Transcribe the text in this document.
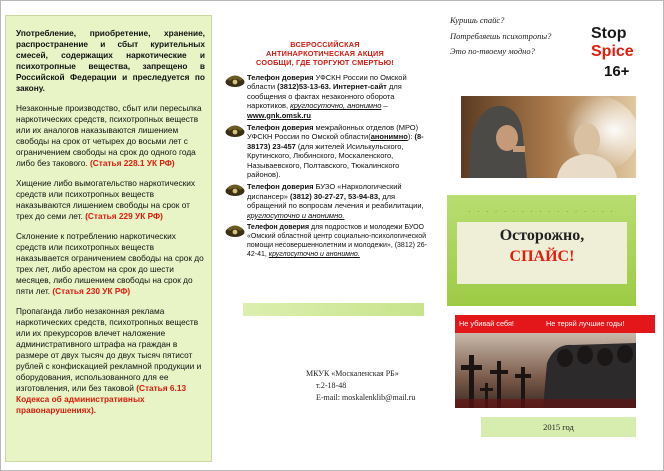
Употребление, приобретение, хранение, распространение и сбыт курительных смесей, содержащих наркотические и психотропные вещества, запрещено в Российской Федерации и преследуется по закону.

Незаконные производство, сбыт или пересылка наркотических средств, психотропных веществ или их аналогов наказываются лишением свободы на срок от четырех до восьми лет с ограничением свободы на срок до одного года либо без такового. (Статья 228.1 УК РФ)

Хищение либо вымогательство наркотических средств или психотропных веществ наказываются лишением свободы на срок от трех до семи лет. (Статья 229 УК РФ)

Склонение к потреблению наркотических средств или психотропных веществ наказывается ограничением свободы на срок до трех лет, либо арестом на срок до шести месяцев, либо лишением свободы на срок до пяти лет. (Статья 230 УК РФ)

Пропаганда либо незаконная реклама наркотических средств, психотропных веществ или их прекурсоров влечет наложение административного штрафа на граждан в размере от двух тысяч до двух тысяч пятисот рублей с конфискацией рекламной продукции и оборудования, использованного для ее изготовления, или без таковой (Статья 6.13 Кодекса об административных правонарушениях).

ВСЕРОССИЙСКАЯ
АНТИНАРКОТИЧЕСКАЯ АКЦИЯ
СООБЩИ, ГДЕ ТОРГУЮТ СМЕРТЬЮ!
Телефон доверия УФСКН России по Омской области (3812)53-13-63. Интернет-сайт для сообщения о фактах незаконного оборота наркотиков, круглосуточно, анонимно – www.gnk.omsk.ru
Телефон доверия межрайонных отделов (МРО) УФСКН России по Омской области(анонимно): (8-38173) 23-457 (для жителей Исилькульского, Крутинского, Любинского, Москаленского, Называевского, Полтавского, Тюкалинского районов).
Телефон доверия БУЗО «Наркологический диспансер» (3812) 30-27-27, 53-94-83, для обращений по вопросам лечения и реабилитации, круглосуточно и анонимно.
Телефон доверия для подростков и молодежи БУОО «Омский областной центр социально-психологической помощи несовершеннолетним и молодежи», (3812) 26-42-41, круглосуточно и анонимно.
МКУК «Москаленская РБ»
т.2-18-48
E-mail: moskalenklib@mail.ru
Куришь спайс?
Потребляешь психотропы?
Это по-твоему модно?
Stop
Spice
16+
· · · · · · · · · · · · · · · · ·
Осторожно,
СПАЙС!
Не убивай себя!	Не теряй лучшие годы!
2015 год
